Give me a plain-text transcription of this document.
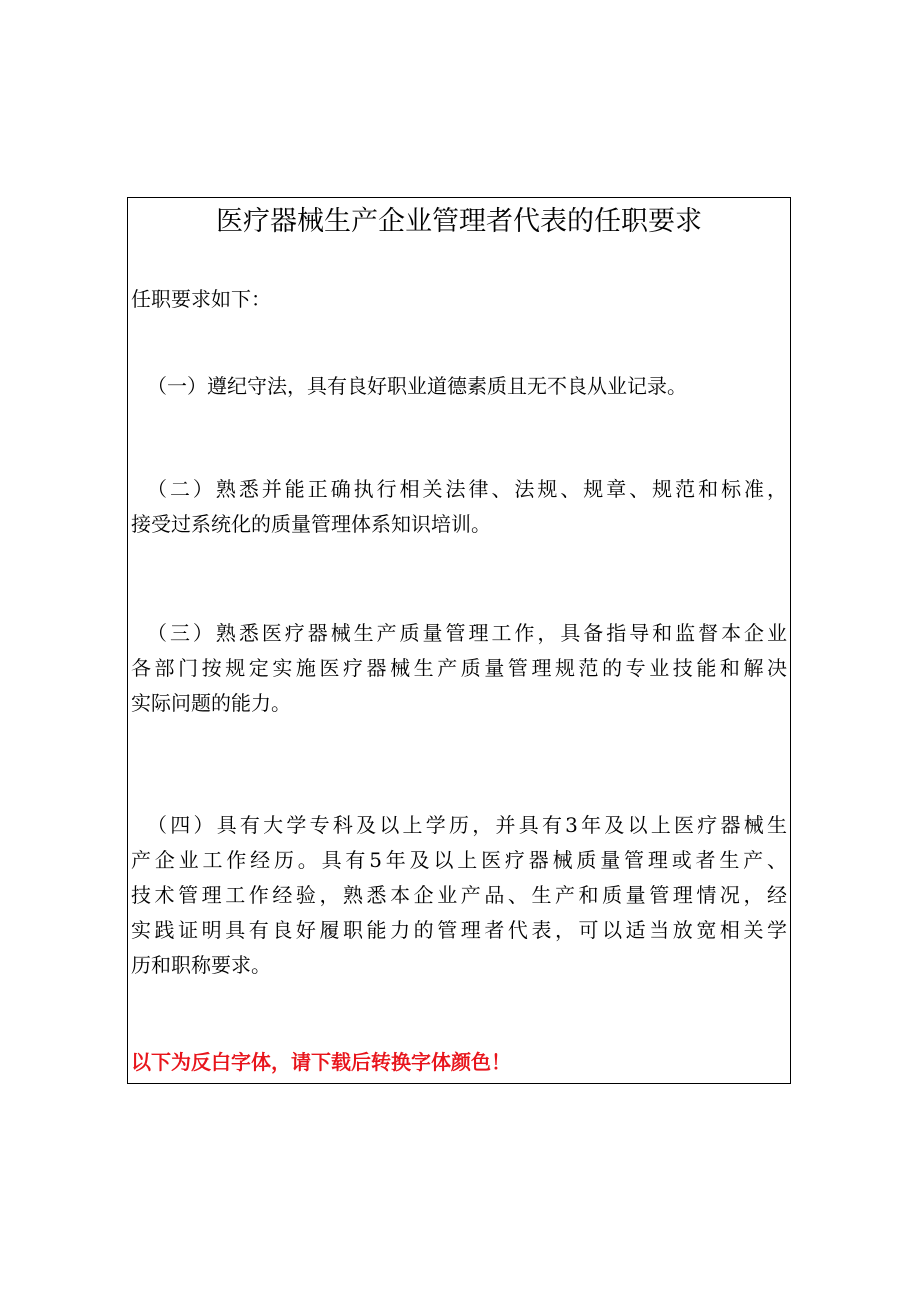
医疗器械生产企业管理者代表的任职要求
任职要求如下：
（一）遵纪守法，具有良好职业道德素质且无不良从业记录。
（二）熟悉并能正确执行相关法律、法规、规章、规范和标准，
接受过系统化的质量管理体系知识培训。
（三）熟悉医疗器械生产质量管理工作，具备指导和监督本企业
各部门按规定实施医疗器械生产质量管理规范的专业技能和解决
实际问题的能力。
（四）具有大学专科及以上学历，并具有3年及以上医疗器械生
产企业工作经历。具有5年及以上医疗器械质量管理或者生产、
技术管理工作经验，熟悉本企业产品、生产和质量管理情况，经
实践证明具有良好履职能力的管理者代表，可以适当放宽相关学
历和职称要求。
以下为反白字体，请下载后转换字体颜色！
